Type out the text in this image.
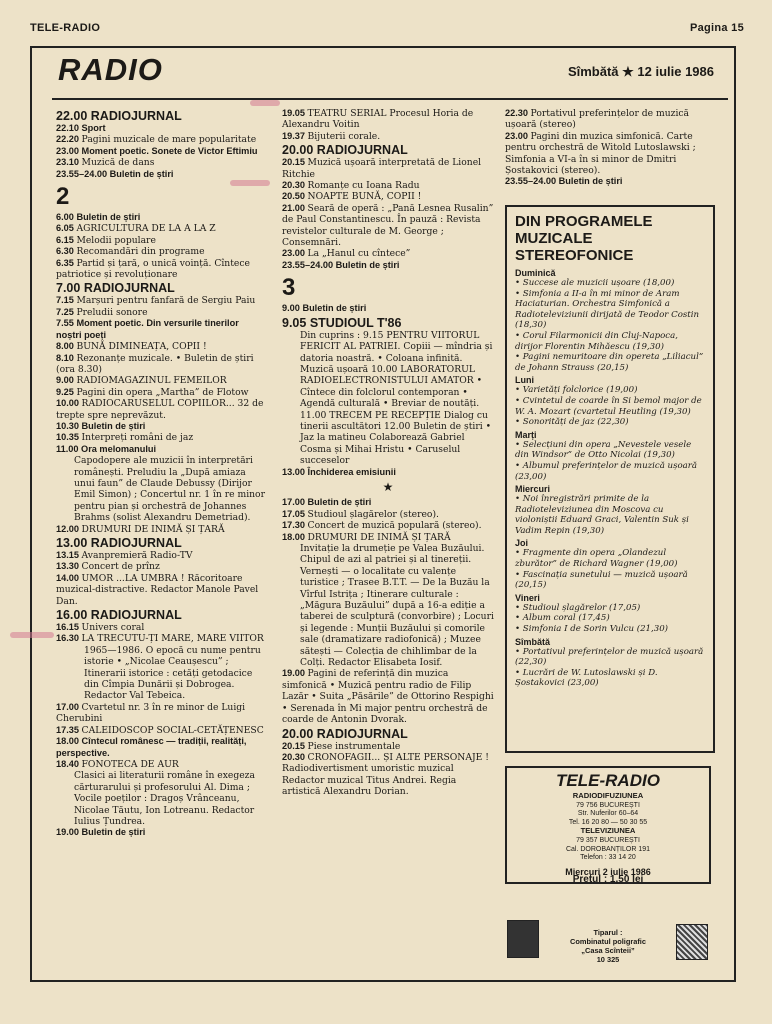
TELE-RADIO	Pagina 15
RADIO	Sîmbătă ★ 12 iulie 1986
22.00 RADIOJURNAL
22.10 Sport
22.20 Pagini muzicale de mare popularitate
23.00 Moment poetic. Sonete de Victor Eftimiu
23.10 Muzică de dans
23.55–24.00 Buletin de știri
2
6.00 Buletin de știri
6.05 AGRICULTURA DE LA A LA Z
6.15 Melodii populare
6.30 Recomandări din programe
6.35 Partid și țară, o unică voință. Cîntece patriotice și revoluționare
7.00 RADIOJURNAL
7.15 Marșuri pentru fanfară de Sergiu Paiu
7.25 Preludii sonore
7.55 Moment poetic. Din versurile tinerilor noștri poeți
8.00 BUNĂ DIMINEAȚA, COPII !
8.10 Rezonanțe muzicale. • Buletin de știri (ora 8.30)
9.00 RADIOMAGAZINUL FEMEILOR
9.25 Pagini din opera „Martha” de Flotow
10.00 RADIOCARUSELUL COPIILOR... 32 de trepte spre neprevăzut.
10.30 Buletin de știri
10.35 Interpreți români de jaz
11.00 Ora melomanului
Capodopere ale muzicii în interpretări românești. Preludiu la „După amiaza unui faun” de Claude Debussy (Dirijor Emil Simon) ; Concertul nr. 1 în re minor pentru pian și orchestră de Johannes Brahms (solist Alexandru Demetriad).
12.00 DRUMURI DE INIMĂ ȘI ȚARĂ
13.00 RADIOJURNAL
13.15 Avanpremieră Radio-TV
13.30 Concert de prînz
14.00 UMOR ...LA UMBRA ! Răcoritoare muzical-distractive. Redactor Manole Pavel Dan.
16.00 RADIOJURNAL
16.15 Univers coral
16.30 LA TRECUTU-ȚI MARE, MARE VIITOR
1965—1986. O epocă cu nume pentru istorie • „Nicolae Ceaușescu” ; Itinerarii istorice : cetăți getodacice din Cîmpia Dunării și Dobrogea. Redactor Val Tebeica.
17.00 Cvartetul nr. 3 în re minor de Luigi Cherubini
17.35 CALEIDOSCOP SOCIAL-CETĂȚENESC
18.00 Cîntecul românesc — tradiții, realități, perspective.
18.40 FONOTECA DE AUR
Clasici ai literaturii române în exegeza cărturarului și profesorului Al. Dima ; Vocile poeților : Dragoș Vrânceanu, Nicolae Tăutu, Ion Lotreanu. Redactor Iulius Țundrea.
19.00 Buletin de știri
19.05 TEATRU SERIAL Procesul Horia de Alexandru Voitin
19.37 Bijuterii corale.
20.00 RADIOJURNAL
20.15 Muzică ușoară interpretată de Lionel Ritchie
20.30 Romanțe cu Ioana Radu
20.50 NOAPTE BUNĂ, COPII !
21.00 Seară de operă : „Pană Lesnea Rusalin” de Paul Constantinescu. În pauză : Revista revistelor culturale de M. George ; Consemnări.
23.00 La „Hanul cu cîntece”
23.55–24.00 Buletin de știri
3
9.00 Buletin de știri
9.05 STUDIOUL T'86
Din cuprins : 9.15 PENTRU VIITORUL FERICIT AL PATRIEI. Copiii — mîndria și datoria noastră. • Coloana infinită. Muzică ușoară 10.00 LABORATORUL RADIOELECTRONISTULUI AMATOR • Cîntece din folclorul contemporan • Agendă culturală • Breviar de noutăți. 11.00 TRECEM PE RECEPȚIE Dialog cu tinerii ascultători 12.00 Buletin de știri • Jaz la matineu Colaborează Gabriel Cosma și Mihai Hristu • Caruselul succeselor
13.00 Închiderea emisiunii
★
17.00 Buletin de știri
17.05 Studioul șlagărelor (stereo).
17.30 Concert de muzică populară (stereo).
18.00 DRUMURI DE INIMĂ ȘI ȚARĂ
Invitație la drumeție pe Valea Buzăului. Chipul de azi al patriei și al tinereții. Vernești — o localitate cu valențe turistice ; Trasee B.T.T. — De la Buzău la Vîrful Istrița ; Itinerare culturale : „Măgura Buzăului” după a 16-a ediție a taberei de sculptură (convorbire) ; Locuri și legende : Munții Buzăului și comorile sale (dramatizare radiofonică) ; Muzee sătești — Colecția de chihlimbar de la Colți. Redactor Elisabeta Iosif.
19.00 Pagini de referință din muzica simfonică • Muzică pentru radio de Filip Lazăr • Suita „Păsările” de Ottorino Respighi • Serenada în Mi major pentru orchestră de coarde de Antonin Dvorak.
20.00 RADIOJURNAL
20.15 Piese instrumentale
20.30 CRONOFAGII... ȘI ALTE PERSONAJE ! Radiodivertisment umoristic muzical Redactor muzical Titus Andrei. Regia artistică Alexandru Dorian.
22.30 Portativul preferințelor de muzică ușoară (stereo)
23.00 Pagini din muzica simfonică. Carte pentru orchestră de Witold Lutoslawski ; Simfonia a VI-a în si minor de Dmitri Șostakovici (stereo).
23.55–24.00 Buletin de știri
DIN PROGRAMELE MUZICALE STEREOFONICE
Duminică
• Succese ale muzicii ușoare (18,00)
• Simfonia a II-a în mi minor de Aram Haciaturian. Orchestra Simfonică a Radioteleviziunii dirijată de Teodor Costin (18,30)
• Corul Filarmonicii din Cluj-Napoca, dirijor Florentin Mihăescu (19,30)
• Pagini nemuritoare din opereta „Liliacul” de Johann Strauss (20,15)
Luni
• Varietăți folclorice (19,00)
• Cvintetul de coarde în Si bemol major de W. A. Mozart (cvartetul Heutling (19,30)
• Sonorități de jaz (22,30)
Marți
• Selecțiuni din opera „Nevestele vesele din Windsor” de Otto Nicolai (19,30)
• Albumul preferințelor de muzică ușoară (23,00)
Miercuri
• Noi înregistrări primite de la Radioteleviziunea din Moscova cu violoniștii Eduard Graci, Valentin Suk și Vadim Repin (19,30)
Joi
• Fragmente din opera „Olandezul zburător” de Richard Wagner (19,00)
• Fascinația sunetului — muzică ușoară (20,15)
Vineri
• Studioul șlagărelor (17,05)
• Album coral (17,45)
• Simfonia I de Sorin Vulcu (21,30)
Sîmbătă
• Portativul preferințelor de muzică ușoară (22,30)
• Lucrări de W. Lutoslawski și D. Șostakovici (23,00)
TELE-RADIO
RADIODIFUZIUNEA
79 756 BUCUREȘTI
Str. Nuferilor 60–64
Tel. 16 20 80 — 50 30 55
TELEVIZIUNEA
79 357 BUCUREȘTI
Cal. DOROBANȚILOR 191
Telefon : 33 14 20
Miercuri 2 iulie 1986
Prețul : 1,50 lei
Tiparul :
Combinatul poligrafic
„Casa Scînteii”
10 325
